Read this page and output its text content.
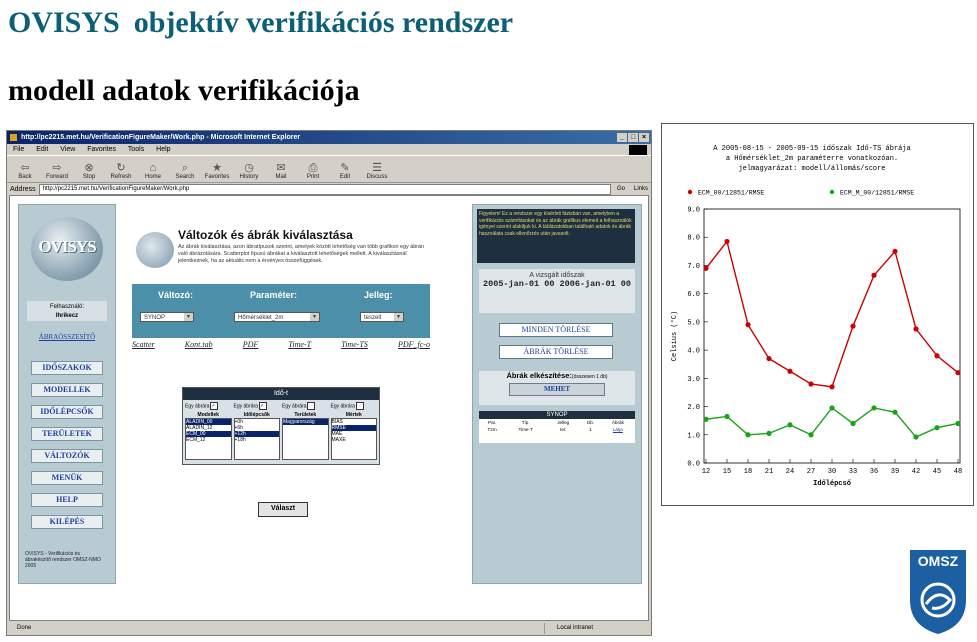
OVISYS objektív verifikációs rendszer
modell adatok verifikációja
http://pc2215.met.hu/VerificationFigureMaker/Work.php - Microsoft Internet Explorer	_ □ ×
File Edit View Favorites Tools Help
⇦
Back
⇨
Forward
⊗
Stop
↻
Refresh
⌂
Home
⌕
Search
★
Favorites
◷
History
✉
Mail
⎙
Print
✎
Edit
☰
Discuss
Address	http://pc2215.met.hu/VerificationFigureMaker/Work.php	Go	Links
OVISYS
Felhasználó:
Ihrikecz
ÁBRAÖSSZESÍTŐ
IDŐSZAKOK
MODELLEK
IDŐLÉPCSŐK
TERÜLETEK
VÁLTOZÓK
MENÜK
HELP
KILÉPÉS
OVISYS - Verifikációs és ábrakészítő rendszer OMSZ-NMO 2005
Változók és ábrák kiválasztása
Az ábrák kiválasztása, azon ábratípusok szerint, amelyek között lehetőség van több grafikon egy ábrán való ábrázolására. Scatterplot típusú ábrákat a kiválasztott lehetőségek mellett. A kiválasztásnál jelentkeznek, ha az aktuális nem a érvényes összefüggések.
Változó:	Paraméter:	Jelleg:
SYNOP	▼	Hőmérséklet_2m	▼	teszelt	▼
Scatter	Kont.tab	PDF	Time-T	Time-TS	PDF_fc-o
Idő-t
Egy ábrára ✓	Egy ábrára ✓	Egy ábrára	Egy ábrára
Modellek
ALADIN_00
ALADIN_12
ECM_00
ECM_12
Időlépcsők
+0h
+6h
+12h
+18h
Területek
Magyarország
Mértek
BIAS
RMSE
MAE
MAXE
Választ
Figyelem! Ez a rendszer egy kísérleti fázisban van, amelyben a verifikációs számításokat és az ábrák grafikus elemeit a felhasználók igényei szerint alakítjuk ki. A táblázatokban található adatok és ábrák használata csak ellenőrzés után javasolt.
A vizsgált időszak
2005-jan-01 00 2006-jan-01 00
MINDEN TÖRLÉSE
ÁBRÁK TÖRLÉSE
Ábrák elkészítése:(összesen 1 db)
MEHET
SYNOP
Par.	Típ.	Jelleg	Db.	Ábrák
T2m	Time-T	ter.	1	Látja
Done	Local intranet
A 2005-08-15 - 2005-09-15 időszak Idő-TS ábrája
a Hőmérséklet_2m paraméterre vonatkozóan.
jelmagyarázat: modell/állomás/score
ECM_00/12851/RMSE	ECM_M_00/12851/RMSE
0.0
1.0
2.0
3.0
4.0
5.0
6.0
7.0
8.0
9.0
12 15 18 21 24 27 30 33 36 39 42 45 48
Időlépcső
Celsius (°C)
OMSZ
